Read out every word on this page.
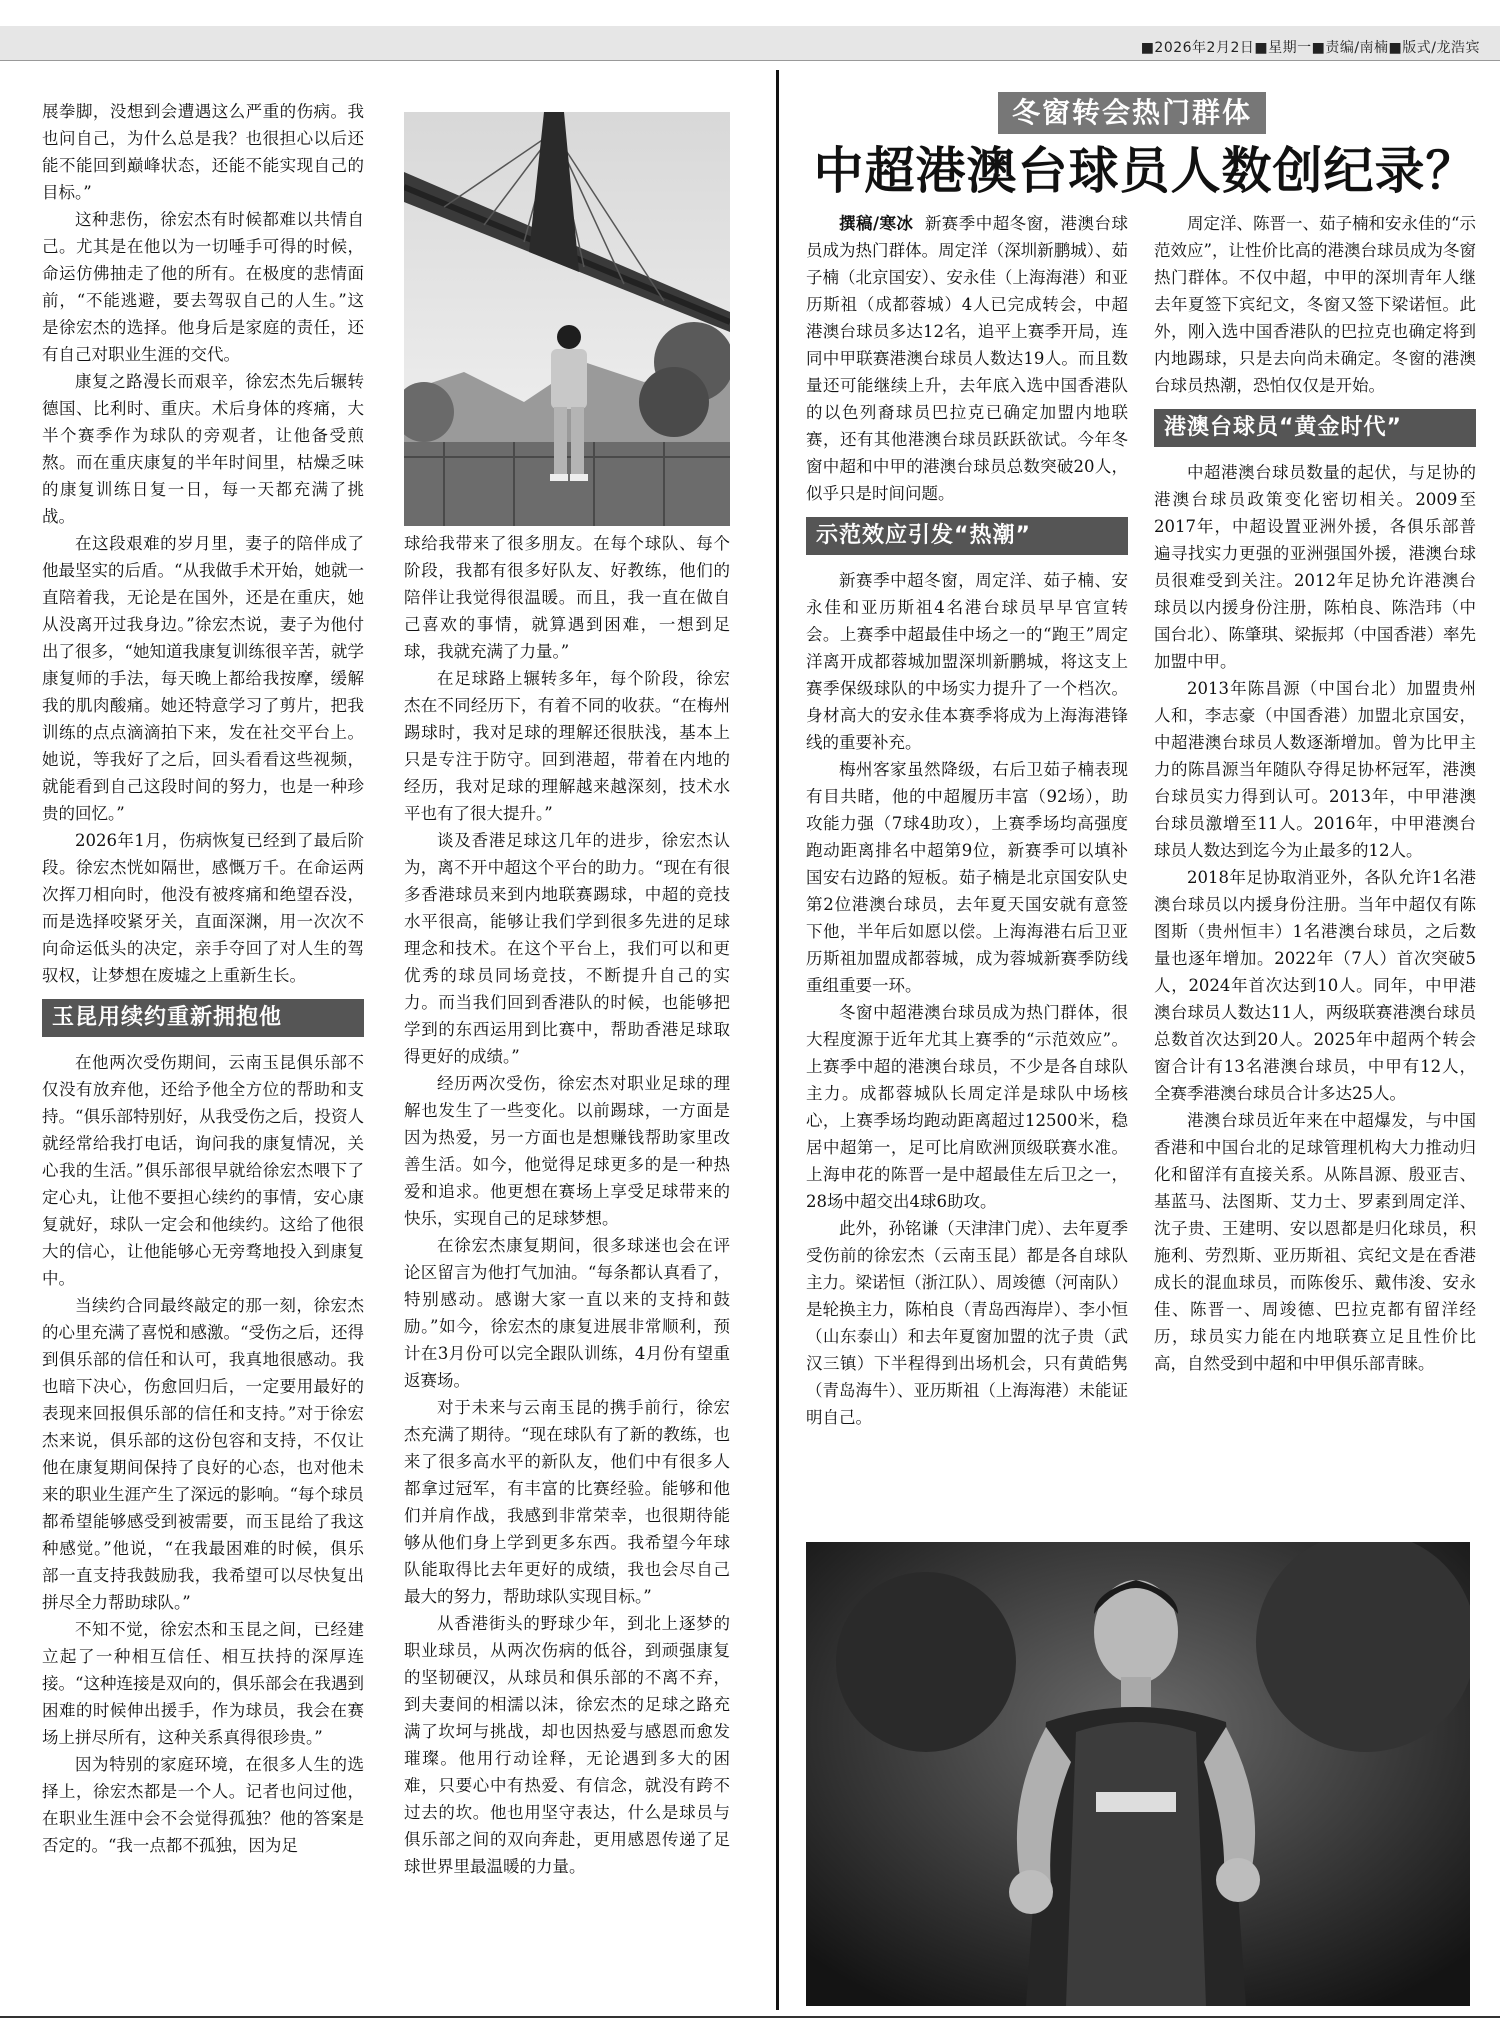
■2026年2月2日■星期一■责编/南楠■版式/龙浩宾

展拳脚，没想到会遭遇这么严重的伤病。我也问自己，为什么总是我？也很担心以后还能不能回到巅峰状态，还能不能实现自己的目标。”

这种悲伤，徐宏杰有时候都难以共情自己。尤其是在他以为一切唾手可得的时候，命运仿佛抽走了他的所有。在极度的悲情面前，“不能逃避，要去驾驭自己的人生。”这是徐宏杰的选择。他身后是家庭的责任，还有自己对职业生涯的交代。

康复之路漫长而艰辛，徐宏杰先后辗转德国、比利时、重庆。术后身体的疼痛，大半个赛季作为球队的旁观者，让他备受煎熬。而在重庆康复的半年时间里，枯燥乏味的康复训练日复一日，每一天都充满了挑战。

在这段艰难的岁月里，妻子的陪伴成了他最坚实的后盾。“从我做手术开始，她就一直陪着我，无论是在国外，还是在重庆，她从没离开过我身边。”徐宏杰说，妻子为他付出了很多，“她知道我康复训练很辛苦，就学康复师的手法，每天晚上都给我按摩，缓解我的肌肉酸痛。她还特意学习了剪片，把我训练的点点滴滴拍下来，发在社交平台上。她说，等我好了之后，回头看看这些视频，就能看到自己这段时间的努力，也是一种珍贵的回忆。”

2026年1月，伤病恢复已经到了最后阶段。徐宏杰恍如隔世，感慨万千。在命运两次挥刀相向时，他没有被疼痛和绝望吞没，而是选择咬紧牙关，直面深渊，用一次次不向命运低头的决定，亲手夺回了对人生的驾驭权，让梦想在废墟之上重新生长。

玉昆用续约重新拥抱他

在他两次受伤期间，云南玉昆俱乐部不仅没有放弃他，还给予他全方位的帮助和支持。“俱乐部特别好，从我受伤之后，投资人就经常给我打电话，询问我的康复情况，关心我的生活。”俱乐部很早就给徐宏杰喂下了定心丸，让他不要担心续约的事情，安心康复就好，球队一定会和他续约。这给了他很大的信心，让他能够心无旁骛地投入到康复中。

当续约合同最终敲定的那一刻，徐宏杰的心里充满了喜悦和感激。“受伤之后，还得到俱乐部的信任和认可，我真地很感动。我也暗下决心，伤愈回归后，一定要用最好的表现来回报俱乐部的信任和支持。”对于徐宏杰来说，俱乐部的这份包容和支持，不仅让他在康复期间保持了良好的心态，也对他未来的职业生涯产生了深远的影响。“每个球员都希望能够感受到被需要，而玉昆给了我这种感觉。”他说，“在我最困难的时候，俱乐部一直支持我鼓励我，我希望可以尽快复出拼尽全力帮助球队。”

不知不觉，徐宏杰和玉昆之间，已经建立起了一种相互信任、相互扶持的深厚连接。“这种连接是双向的，俱乐部会在我遇到困难的时候伸出援手，作为球员，我会在赛场上拼尽所有，这种关系真得很珍贵。”

因为特别的家庭环境，在很多人生的选择上，徐宏杰都是一个人。记者也问过他，在职业生涯中会不会觉得孤独？他的答案是否定的。“我一点都不孤独，因为足

球给我带来了很多朋友。在每个球队、每个阶段，我都有很多好队友、好教练，他们的陪伴让我觉得很温暖。而且，我一直在做自己喜欢的事情，就算遇到困难，一想到足球，我就充满了力量。”

在足球路上辗转多年，每个阶段，徐宏杰在不同经历下，有着不同的收获。“在梅州踢球时，我对足球的理解还很肤浅，基本上只是专注于防守。回到港超，带着在内地的经历，我对足球的理解越来越深刻，技术水平也有了很大提升。”

谈及香港足球这几年的进步，徐宏杰认为，离不开中超这个平台的助力。“现在有很多香港球员来到内地联赛踢球，中超的竞技水平很高，能够让我们学到很多先进的足球理念和技术。在这个平台上，我们可以和更优秀的球员同场竞技，不断提升自己的实力。而当我们回到香港队的时候，也能够把学到的东西运用到比赛中，帮助香港足球取得更好的成绩。”

经历两次受伤，徐宏杰对职业足球的理解也发生了一些变化。以前踢球，一方面是因为热爱，另一方面也是想赚钱帮助家里改善生活。如今，他觉得足球更多的是一种热爱和追求。他更想在赛场上享受足球带来的快乐，实现自己的足球梦想。

在徐宏杰康复期间，很多球迷也会在评论区留言为他打气加油。“每条都认真看了，特别感动。感谢大家一直以来的支持和鼓励。”如今，徐宏杰的康复进展非常顺利，预计在3月份可以完全跟队训练，4月份有望重返赛场。

对于未来与云南玉昆的携手前行，徐宏杰充满了期待。“现在球队有了新的教练，也来了很多高水平的新队友，他们中有很多人都拿过冠军，有丰富的比赛经验。能够和他们并肩作战，我感到非常荣幸，也很期待能够从他们身上学到更多东西。我希望今年球队能取得比去年更好的成绩，我也会尽自己最大的努力，帮助球队实现目标。”

从香港街头的野球少年，到北上逐梦的职业球员，从两次伤病的低谷，到顽强康复的坚韧硬汉，从球员和俱乐部的不离不弃，到夫妻间的相濡以沫，徐宏杰的足球之路充满了坎坷与挑战，却也因热爱与感恩而愈发璀璨。他用行动诠释，无论遇到多大的困难，只要心中有热爱、有信念，就没有跨不过去的坎。他也用坚守表达，什么是球员与俱乐部之间的双向奔赴，更用感恩传递了足球世界里最温暖的力量。

冬窗转会热门群体
中超港澳台球员人数创纪录？

撰稿/寒冰 新赛季中超冬窗，港澳台球员成为热门群体。周定洋（深圳新鹏城）、茹子楠（北京国安）、安永佳（上海海港）和亚历斯祖（成都蓉城）4人已完成转会，中超港澳台球员多达12名，追平上赛季开局，连同中甲联赛港澳台球员人数达19人。而且数量还可能继续上升，去年底入选中国香港队的以色列裔球员巴拉克已确定加盟内地联赛，还有其他港澳台球员跃跃欲试。今年冬窗中超和中甲的港澳台球员总数突破20人，似乎只是时间问题。

示范效应引发“热潮”

新赛季中超冬窗，周定洋、茹子楠、安永佳和亚历斯祖4名港台球员早早官宣转会。上赛季中超最佳中场之一的“跑王”周定洋离开成都蓉城加盟深圳新鹏城，将这支上赛季保级球队的中场实力提升了一个档次。身材高大的安永佳本赛季将成为上海海港锋线的重要补充。

梅州客家虽然降级，右后卫茹子楠表现有目共睹，他的中超履历丰富（92场），助攻能力强（7球4助攻），上赛季场均高强度跑动距离排名中超第9位，新赛季可以填补国安右边路的短板。茹子楠是北京国安队史第2位港澳台球员，去年夏天国安就有意签下他，半年后如愿以偿。上海海港右后卫亚历斯祖加盟成都蓉城，成为蓉城新赛季防线重组重要一环。

冬窗中超港澳台球员成为热门群体，很大程度源于近年尤其上赛季的“示范效应”。上赛季中超的港澳台球员，不少是各自球队主力。成都蓉城队长周定洋是球队中场核心，上赛季场均跑动距离超过12500米，稳居中超第一，足可比肩欧洲顶级联赛水准。上海申花的陈晋一是中超最佳左后卫之一，28场中超交出4球6助攻。

此外，孙铭谦（天津津门虎）、去年夏季受伤前的徐宏杰（云南玉昆）都是各自球队主力。梁诺恒（浙江队）、周竣德（河南队）是轮换主力，陈柏良（青岛西海岸）、李小恒（山东泰山）和去年夏窗加盟的沈子贵（武汉三镇）下半程得到出场机会，只有黄皓隽（青岛海牛）、亚历斯祖（上海海港）未能证明自己。

周定洋、陈晋一、茹子楠和安永佳的“示范效应”，让性价比高的港澳台球员成为冬窗热门群体。不仅中超，中甲的深圳青年人继去年夏签下宾纪文，冬窗又签下梁诺恒。此外，刚入选中国香港队的巴拉克也确定将到内地踢球，只是去向尚未确定。冬窗的港澳台球员热潮，恐怕仅仅是开始。

港澳台球员“黄金时代”

中超港澳台球员数量的起伏，与足协的港澳台球员政策变化密切相关。2009至2017年，中超设置亚洲外援，各俱乐部普遍寻找实力更强的亚洲强国外援，港澳台球员很难受到关注。2012年足协允许港澳台球员以内援身份注册，陈柏良、陈浩玮（中国台北）、陈肇琪、梁振邦（中国香港）率先加盟中甲。

2013年陈昌源（中国台北）加盟贵州人和，李志豪（中国香港）加盟北京国安，中超港澳台球员人数逐渐增加。曾为比甲主力的陈昌源当年随队夺得足协杯冠军，港澳台球员实力得到认可。2013年，中甲港澳台球员激增至11人。2016年，中甲港澳台球员人数达到迄今为止最多的12人。

2018年足协取消亚外，各队允许1名港澳台球员以内援身份注册。当年中超仅有陈图斯（贵州恒丰）1名港澳台球员，之后数量也逐年增加。2022年（7人）首次突破5人，2024年首次达到10人。同年，中甲港澳台球员人数达11人，两级联赛港澳台球员总数首次达到20人。2025年中超两个转会窗合计有13名港澳台球员，中甲有12人，全赛季港澳台球员合计多达25人。

港澳台球员近年来在中超爆发，与中国香港和中国台北的足球管理机构大力推动归化和留洋有直接关系。从陈昌源、殷亚吉、基蓝马、法图斯、艾力士、罗素到周定洋、沈子贵、王建明、安以恩都是归化球员，积施利、劳烈斯、亚历斯祖、宾纪文是在香港成长的混血球员，而陈俊乐、戴伟浚、安永佳、陈晋一、周竣德、巴拉克都有留洋经历，球员实力能在内地联赛立足且性价比高，自然受到中超和中甲俱乐部青睐。
